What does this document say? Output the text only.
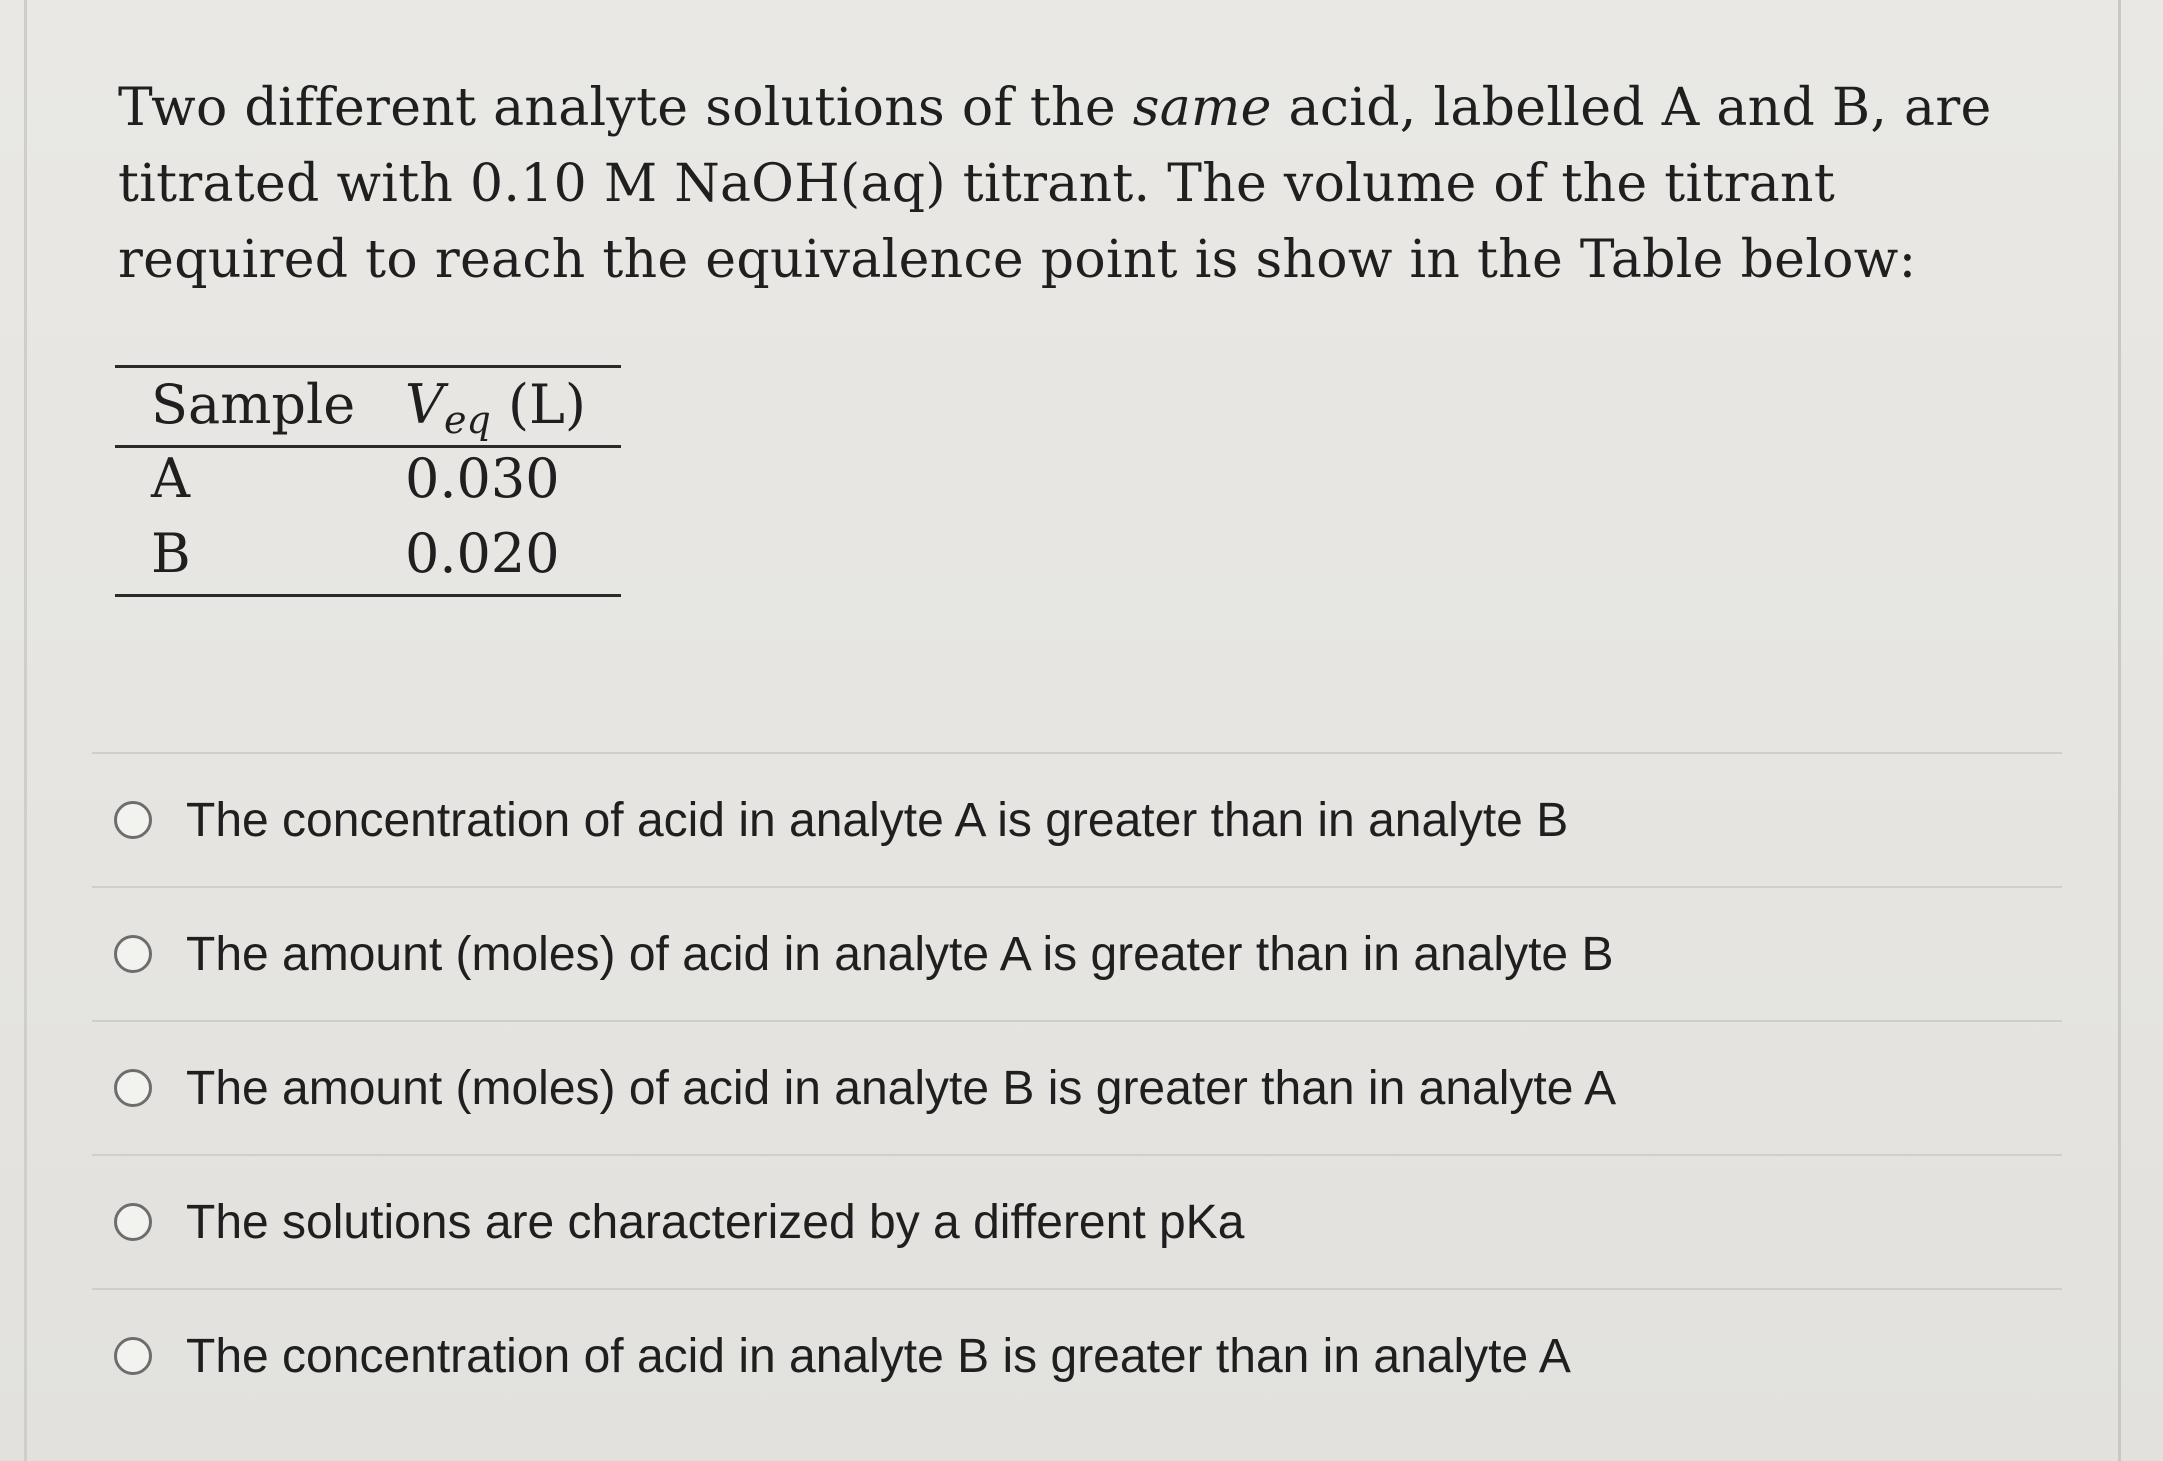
Two different analyte solutions of the same acid, labelled A and B, are titrated with 0.10 M NaOH(aq) titrant. The volume of the titrant required to reach the equivalence point is show in the Table below:
Sample Veq (L)
A	0.030
B	0.020
The concentration of acid in analyte A is greater than in analyte B
The amount (moles) of acid in analyte A is greater than in analyte B
The amount (moles) of acid in analyte B is greater than in analyte A
The solutions are characterized by a different pKa
The concentration of acid in analyte B is greater than in analyte A
